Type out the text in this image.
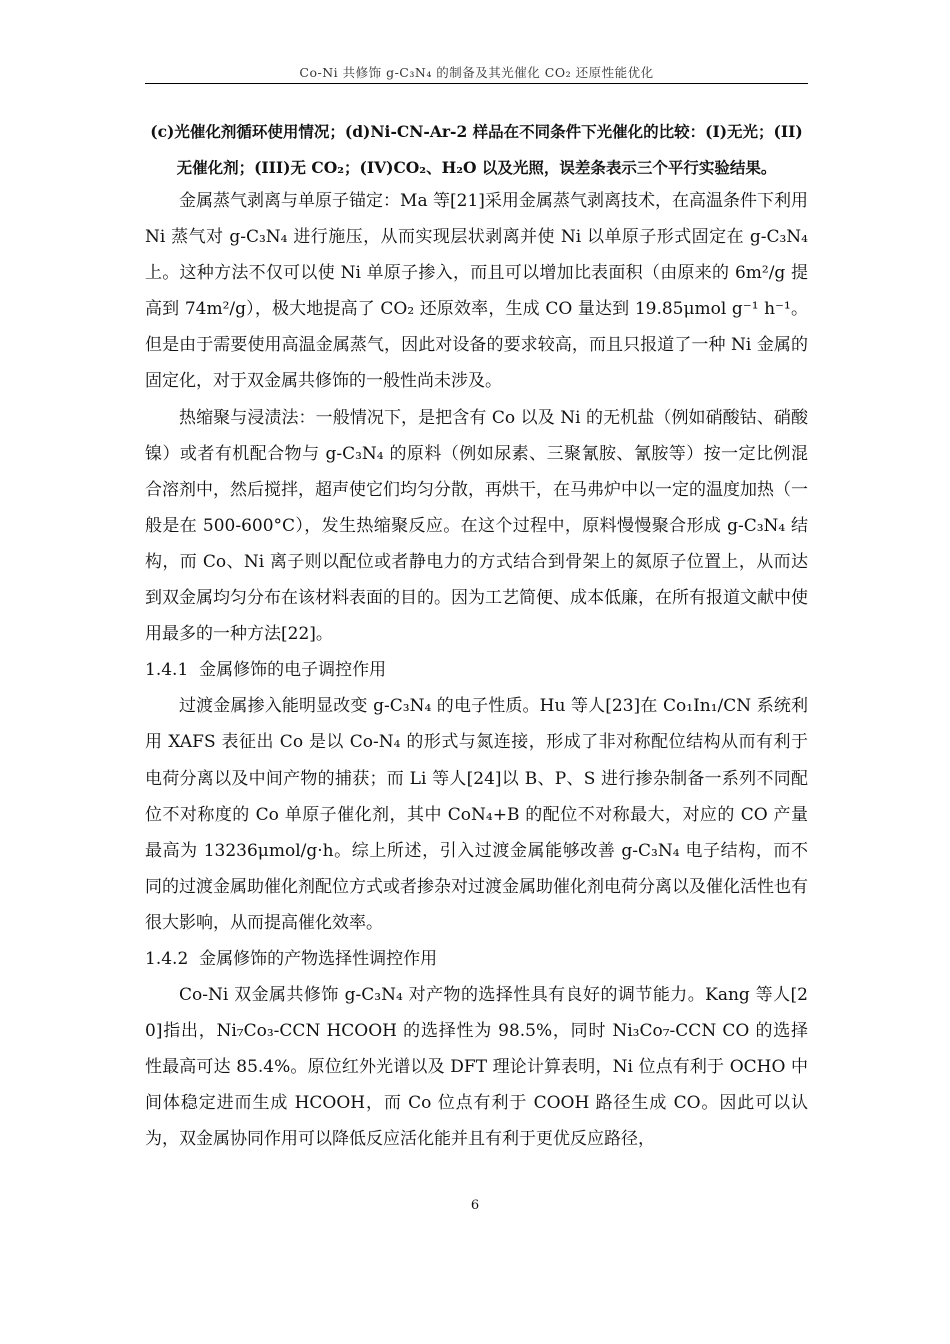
Co-Ni 共修饰 g-C₃N₄ 的制备及其光催化 CO₂ 还原性能优化
(c)光催化剂循环使用情况；(d)Ni-CN-Ar-2 样品在不同条件下光催化的比较：(I)无光；(II)
无催化剂；(III)无 CO₂；(IV)CO₂、H₂O 以及光照，误差条表示三个平行实验结果。

金属蒸气剥离与单原子锚定：Ma 等[21]采用金属蒸气剥离技术，在高温条件下利用 Ni 蒸气对 g-C₃N₄ 进行施压，从而实现层状剥离并使 Ni 以单原子形式固定在 g-C₃N₄ 上。这种方法不仅可以使 Ni 单原子掺入，而且可以增加比表面积（由原来的 6m²/g 提高到 74m²/g），极大地提高了 CO₂ 还原效率，生成 CO 量达到 19.85μmol g⁻¹ h⁻¹。但是由于需要使用高温金属蒸气，因此对设备的要求较高，而且只报道了一种 Ni 金属的固定化，对于双金属共修饰的一般性尚未涉及。

热缩聚与浸渍法：一般情况下，是把含有 Co 以及 Ni 的无机盐（例如硝酸钴、硝酸镍）或者有机配合物与 g-C₃N₄ 的原料（例如尿素、三聚氰胺、氰胺等）按一定比例混合溶剂中，然后搅拌，超声使它们均匀分散，再烘干，在马弗炉中以一定的温度加热（一般是在 500-600°C），发生热缩聚反应。在这个过程中，原料慢慢聚合形成 g-C₃N₄ 结构，而 Co、Ni 离子则以配位或者静电力的方式结合到骨架上的氮原子位置上，从而达到双金属均匀分布在该材料表面的目的。因为工艺简便、成本低廉，在所有报道文献中使用最多的一种方法[22]。

1.4.1 金属修饰的电子调控作用

过渡金属掺入能明显改变 g-C₃N₄ 的电子性质。Hu 等人[23]在 Co₁In₁/CN 系统利用 XAFS 表征出 Co 是以 Co-N₄ 的形式与氮连接，形成了非对称配位结构从而有利于电荷分离以及中间产物的捕获；而 Li 等人[24]以 B、P、S 进行掺杂制备一系列不同配位不对称度的 Co 单原子催化剂，其中 CoN₄+B 的配位不对称最大，对应的 CO 产量最高为 13236μmol/g·h。综上所述，引入过渡金属能够改善 g-C₃N₄ 电子结构，而不同的过渡金属助催化剂配位方式或者掺杂对过渡金属助催化剂电荷分离以及催化活性也有很大影响，从而提高催化效率。

1.4.2 金属修饰的产物选择性调控作用

Co-Ni 双金属共修饰 g-C₃N₄ 对产物的选择性具有良好的调节能力。Kang 等人[20]指出，Ni₇Co₃-CCN HCOOH 的选择性为 98.5%，同时 Ni₃Co₇-CCN CO 的选择性最高可达 85.4%。原位红外光谱以及 DFT 理论计算表明，Ni 位点有利于 OCHO 中间体稳定进而生成 HCOOH，而 Co 位点有利于 COOH 路径生成 CO。因此可以认为，双金属协同作用可以降低反应活化能并且有利于更优反应路径，

6
